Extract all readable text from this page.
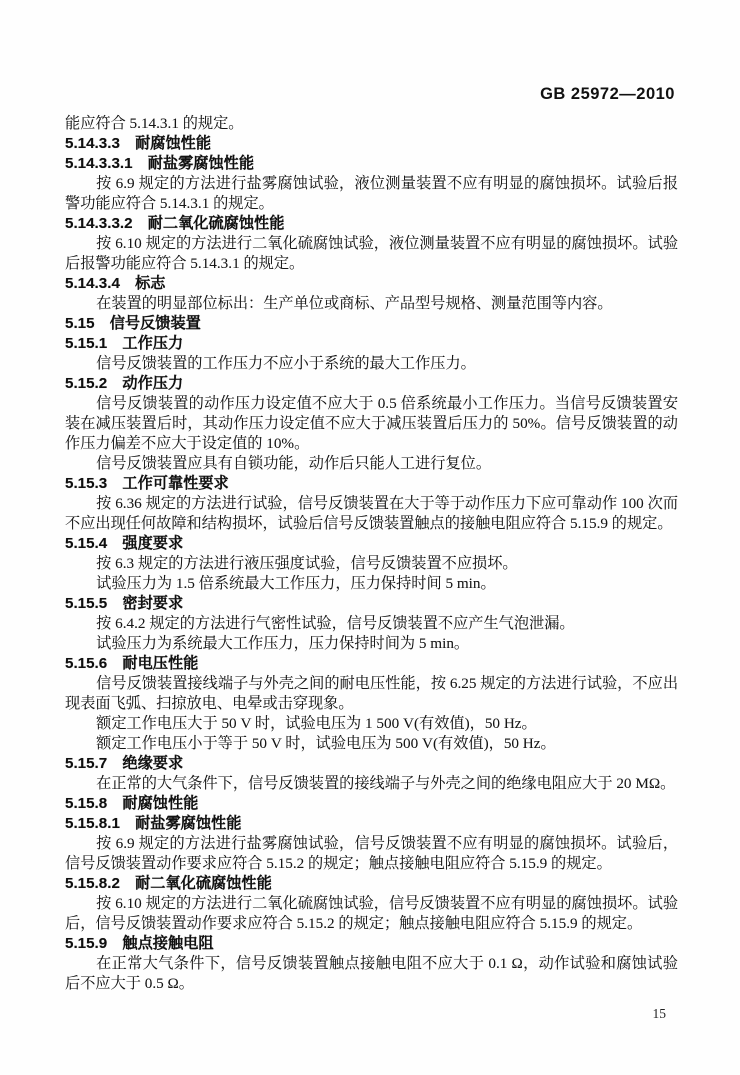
GB 25972—2010
能应符合 5.14.3.1 的规定。
5.14.3.3　耐腐蚀性能
5.14.3.3.1　耐盐雾腐蚀性能
按 6.9 规定的方法进行盐雾腐蚀试验，液位测量装置不应有明显的腐蚀损坏。试验后报警功能应符合 5.14.3.1 的规定。
5.14.3.3.2　耐二氧化硫腐蚀性能
按 6.10 规定的方法进行二氧化硫腐蚀试验，液位测量装置不应有明显的腐蚀损坏。试验后报警功能应符合 5.14.3.1 的规定。
5.14.3.4　标志
在装置的明显部位标出：生产单位或商标、产品型号规格、测量范围等内容。
5.15　信号反馈装置
5.15.1　工作压力
信号反馈装置的工作压力不应小于系统的最大工作压力。
5.15.2　动作压力
信号反馈装置的动作压力设定值不应大于 0.5 倍系统最小工作压力。当信号反馈装置安装在减压装置后时，其动作压力设定值不应大于减压装置后压力的 50%。信号反馈装置的动作压力偏差不应大于设定值的 10%。
信号反馈装置应具有自锁功能，动作后只能人工进行复位。
5.15.3　工作可靠性要求
按 6.36 规定的方法进行试验，信号反馈装置在大于等于动作压力下应可靠动作 100 次而不应出现任何故障和结构损坏，试验后信号反馈装置触点的接触电阻应符合 5.15.9 的规定。
5.15.4　强度要求
按 6.3 规定的方法进行液压强度试验，信号反馈装置不应损坏。
试验压力为 1.5 倍系统最大工作压力，压力保持时间 5 min。
5.15.5　密封要求
按 6.4.2 规定的方法进行气密性试验，信号反馈装置不应产生气泡泄漏。
试验压力为系统最大工作压力，压力保持时间为 5 min。
5.15.6　耐电压性能
信号反馈装置接线端子与外壳之间的耐电压性能，按 6.25 规定的方法进行试验，不应出现表面飞弧、扫掠放电、电晕或击穿现象。
额定工作电压大于 50 V 时，试验电压为 1 500 V(有效值)，50 Hz。
额定工作电压小于等于 50 V 时，试验电压为 500 V(有效值)，50 Hz。
5.15.7　绝缘要求
在正常的大气条件下，信号反馈装置的接线端子与外壳之间的绝缘电阻应大于 20 MΩ。
5.15.8　耐腐蚀性能
5.15.8.1　耐盐雾腐蚀性能
按 6.9 规定的方法进行盐雾腐蚀试验，信号反馈装置不应有明显的腐蚀损坏。试验后，信号反馈装置动作要求应符合 5.15.2 的规定；触点接触电阻应符合 5.15.9 的规定。
5.15.8.2　耐二氧化硫腐蚀性能
按 6.10 规定的方法进行二氧化硫腐蚀试验，信号反馈装置不应有明显的腐蚀损坏。试验后，信号反馈装置动作要求应符合 5.15.2 的规定；触点接触电阻应符合 5.15.9 的规定。
5.15.9　触点接触电阻
在正常大气条件下，信号反馈装置触点接触电阻不应大于 0.1 Ω，动作试验和腐蚀试验后不应大于 0.5 Ω。
15
